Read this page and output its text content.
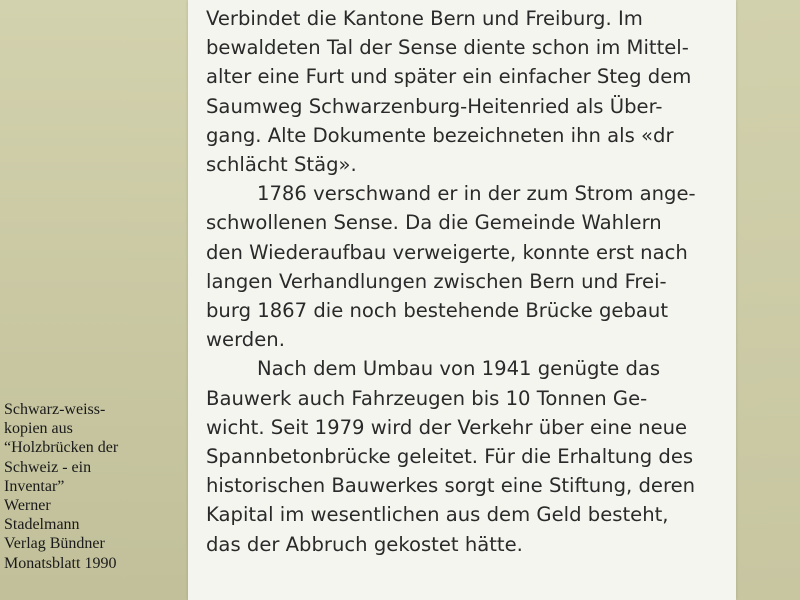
Verbindet die Kantone Bern und Freiburg. Im
bewaldeten Tal der Sense diente schon im Mittel-
alter eine Furt und später ein einfacher Steg dem
Saumweg Schwarzenburg-Heitenried als Über-
gang. Alte Dokumente bezeichneten ihn als «dr
schlächt Stäg».
1786 verschwand er in der zum Strom ange-
schwollenen Sense. Da die Gemeinde Wahlern
den Wiederaufbau verweigerte, konnte erst nach
langen Verhandlungen zwischen Bern und Frei-
burg 1867 die noch bestehende Brücke gebaut
werden.
Nach dem Umbau von 1941 genügte das
Bauwerk auch Fahrzeugen bis 10 Tonnen Ge-
wicht. Seit 1979 wird der Verkehr über eine neue
Spannbetonbrücke geleitet. Für die Erhaltung des
historischen Bauwerkes sorgt eine Stiftung, deren
Kapital im wesentlichen aus dem Geld besteht,
das der Abbruch gekostet hätte.
Schwarz-weiss-
kopien aus
“Holzbrücken der
Schweiz - ein
Inventar”
Werner
Stadelmann
Verlag Bündner
Monatsblatt 1990
